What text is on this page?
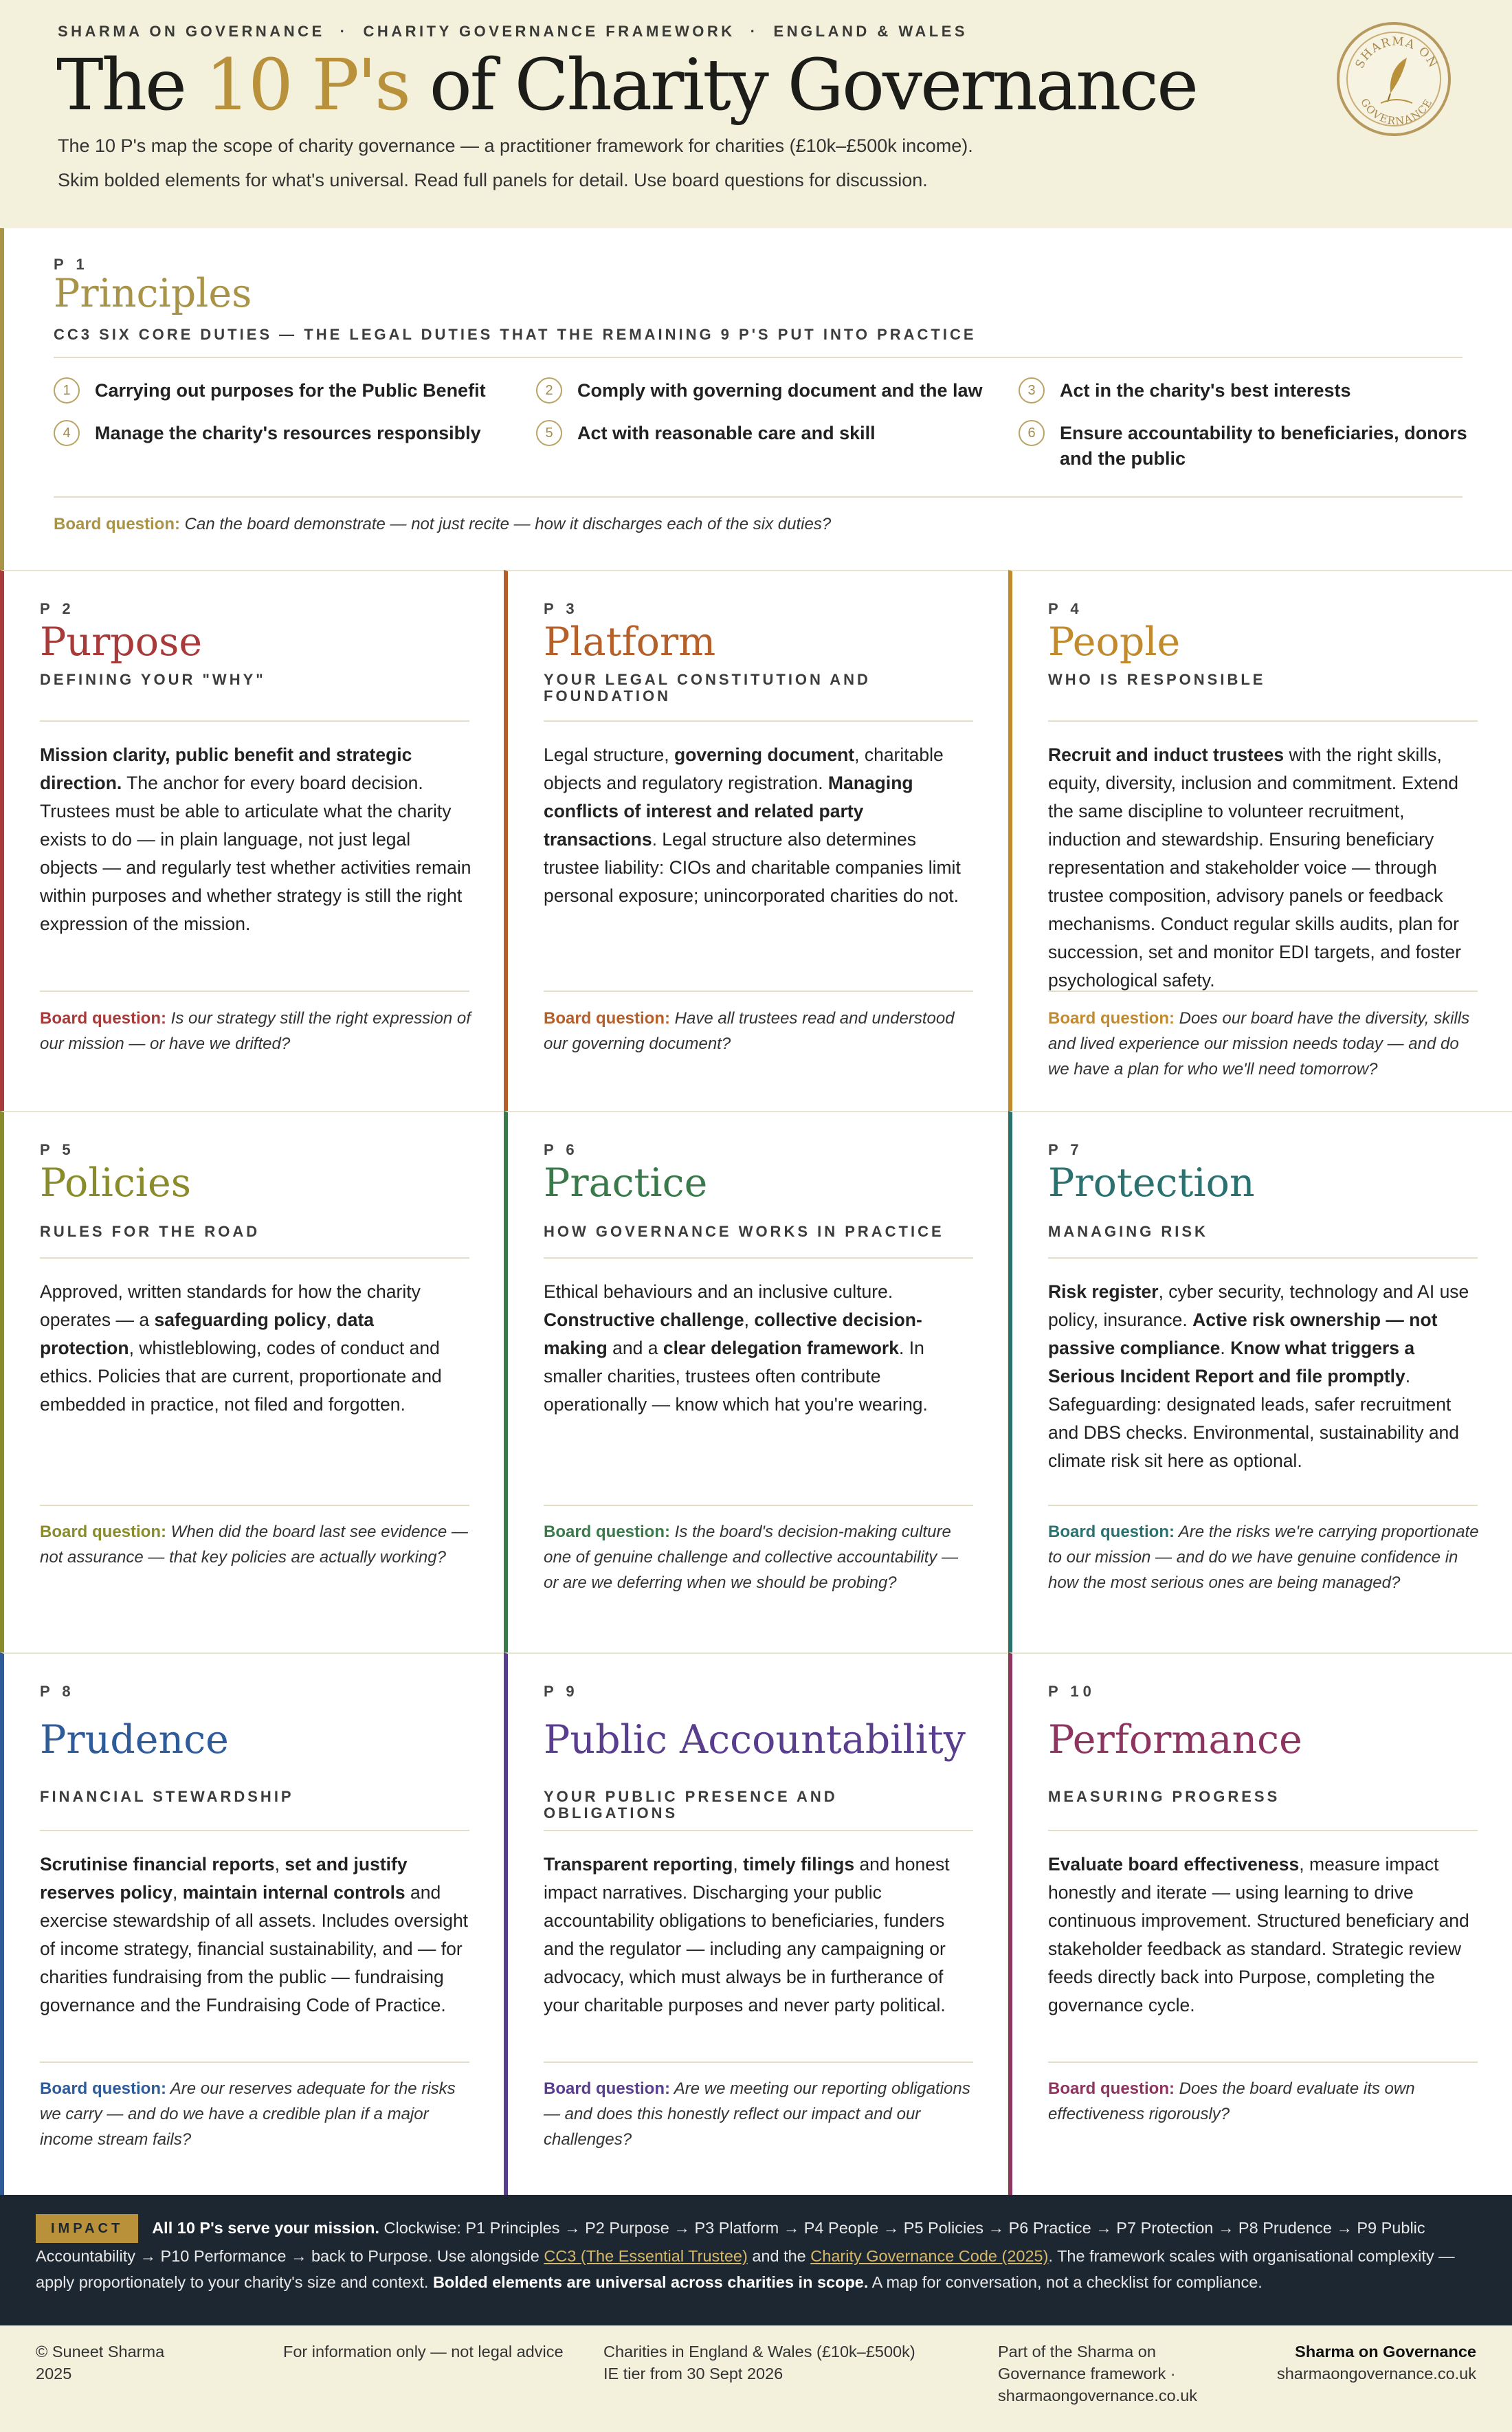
SHARMA ON GOVERNANCE · CHARITY GOVERNANCE FRAMEWORK · ENGLAND & WALES
The 10 P's of Charity Governance
The 10 P's map the scope of charity governance — a practitioner framework for charities (£10k–£500k income).
Skim bolded elements for what's universal. Read full panels for detail. Use board questions for discussion.
SHARMA ON
GOVERNANCE
P 1
Principles
CC3 SIX CORE DUTIES — THE LEGAL DUTIES THAT THE REMAINING 9 P'S PUT INTO PRACTICE
1	Carrying out purposes for the Public Benefit	2	Comply with governing document and the law	3	Act in the charity's best interests
4	Manage the charity's resources responsibly	5	Act with reasonable care and skill	6	Ensure accountability to beneficiaries, donors and the public
Board question: Can the board demonstrate — not just recite — how it discharges each of the six duties?
P 2
Purpose
DEFINING YOUR "WHY"
Mission clarity, public benefit and strategic direction. The anchor for every board decision. Trustees must be able to articulate what the charity exists to do — in plain language, not just legal objects — and regularly test whether activities remain within purposes and whether strategy is still the right expression of the mission.
Board question: Is our strategy still the right expression of our mission — or have we drifted?
P 3
Platform
YOUR LEGAL CONSTITUTION AND FOUNDATION
Legal structure, governing document, charitable objects and regulatory registration. Managing conflicts of interest and related party transactions. Legal structure also determines trustee liability: CIOs and charitable companies limit personal exposure; unincorporated charities do not.
Board question: Have all trustees read and understood our governing document?
P 4
People
WHO IS RESPONSIBLE
Recruit and induct trustees with the right skills, equity, diversity, inclusion and commitment. Extend the same discipline to volunteer recruitment, induction and stewardship. Ensuring beneficiary representation and stakeholder voice — through trustee composition, advisory panels or feedback mechanisms. Conduct regular skills audits, plan for succession, set and monitor EDI targets, and foster psychological safety.
Board question: Does our board have the diversity, skills and lived experience our mission needs today — and do we have a plan for who we'll need tomorrow?
P 5
Policies
RULES FOR THE ROAD
Approved, written standards for how the charity operates — a safeguarding policy, data protection, whistleblowing, codes of conduct and ethics. Policies that are current, proportionate and embedded in practice, not filed and forgotten.
Board question: When did the board last see evidence — not assurance — that key policies are actually working?
P 6
Practice
HOW GOVERNANCE WORKS IN PRACTICE
Ethical behaviours and an inclusive culture. Constructive challenge, collective decision-making and a clear delegation framework. In smaller charities, trustees often contribute operationally — know which hat you're wearing.
Board question: Is the board's decision-making culture one of genuine challenge and collective accountability — or are we deferring when we should be probing?
P 7
Protection
MANAGING RISK
Risk register, cyber security, technology and AI use policy, insurance. Active risk ownership — not passive compliance. Know what triggers a Serious Incident Report and file promptly. Safeguarding: designated leads, safer recruitment and DBS checks. Environmental, sustainability and climate risk sit here as optional.
Board question: Are the risks we're carrying proportionate to our mission — and do we have genuine confidence in how the most serious ones are being managed?
P 8
Prudence
FINANCIAL STEWARDSHIP
Scrutinise financial reports, set and justify reserves policy, maintain internal controls and exercise stewardship of all assets. Includes oversight of income strategy, financial sustainability, and — for charities fundraising from the public — fundraising governance and the Fundraising Code of Practice.
Board question: Are our reserves adequate for the risks we carry — and do we have a credible plan if a major income stream fails?
P 9
Public Accountability
YOUR PUBLIC PRESENCE AND OBLIGATIONS
Transparent reporting, timely filings and honest impact narratives. Discharging your public accountability obligations to beneficiaries, funders and the regulator — including any campaigning or advocacy, which must always be in furtherance of your charitable purposes and never party political.
Board question: Are we meeting our reporting obligations — and does this honestly reflect our impact and our challenges?
P 10
Performance
MEASURING PROGRESS
Evaluate board effectiveness, measure impact honestly and iterate — using learning to drive continuous improvement. Structured beneficiary and stakeholder feedback as standard. Strategic review feeds directly back into Purpose, completing the governance cycle.
Board question: Does the board evaluate its own effectiveness rigorously?
IMPACT All 10 P's serve your mission. Clockwise: P1 Principles → P2 Purpose → P3 Platform → P4 People → P5 Policies → P6 Practice → P7 Protection → P8 Prudence → P9 Public Accountability → P10 Performance → back to Purpose. Use alongside CC3 (The Essential Trustee) and the Charity Governance Code (2025). The framework scales with organisational complexity — apply proportionately to your charity's size and context. Bolded elements are universal across charities in scope. A map for conversation, not a checklist for compliance.
© Suneet Sharma
2025
For information only — not legal advice Charities in England & Wales (£10k–£500k)
IE tier from 30 Sept 2026
Part of the Sharma on
Governance framework ·
sharmaongovernance.co.uk
Sharma on Governance
sharmaongovernance.co.uk
